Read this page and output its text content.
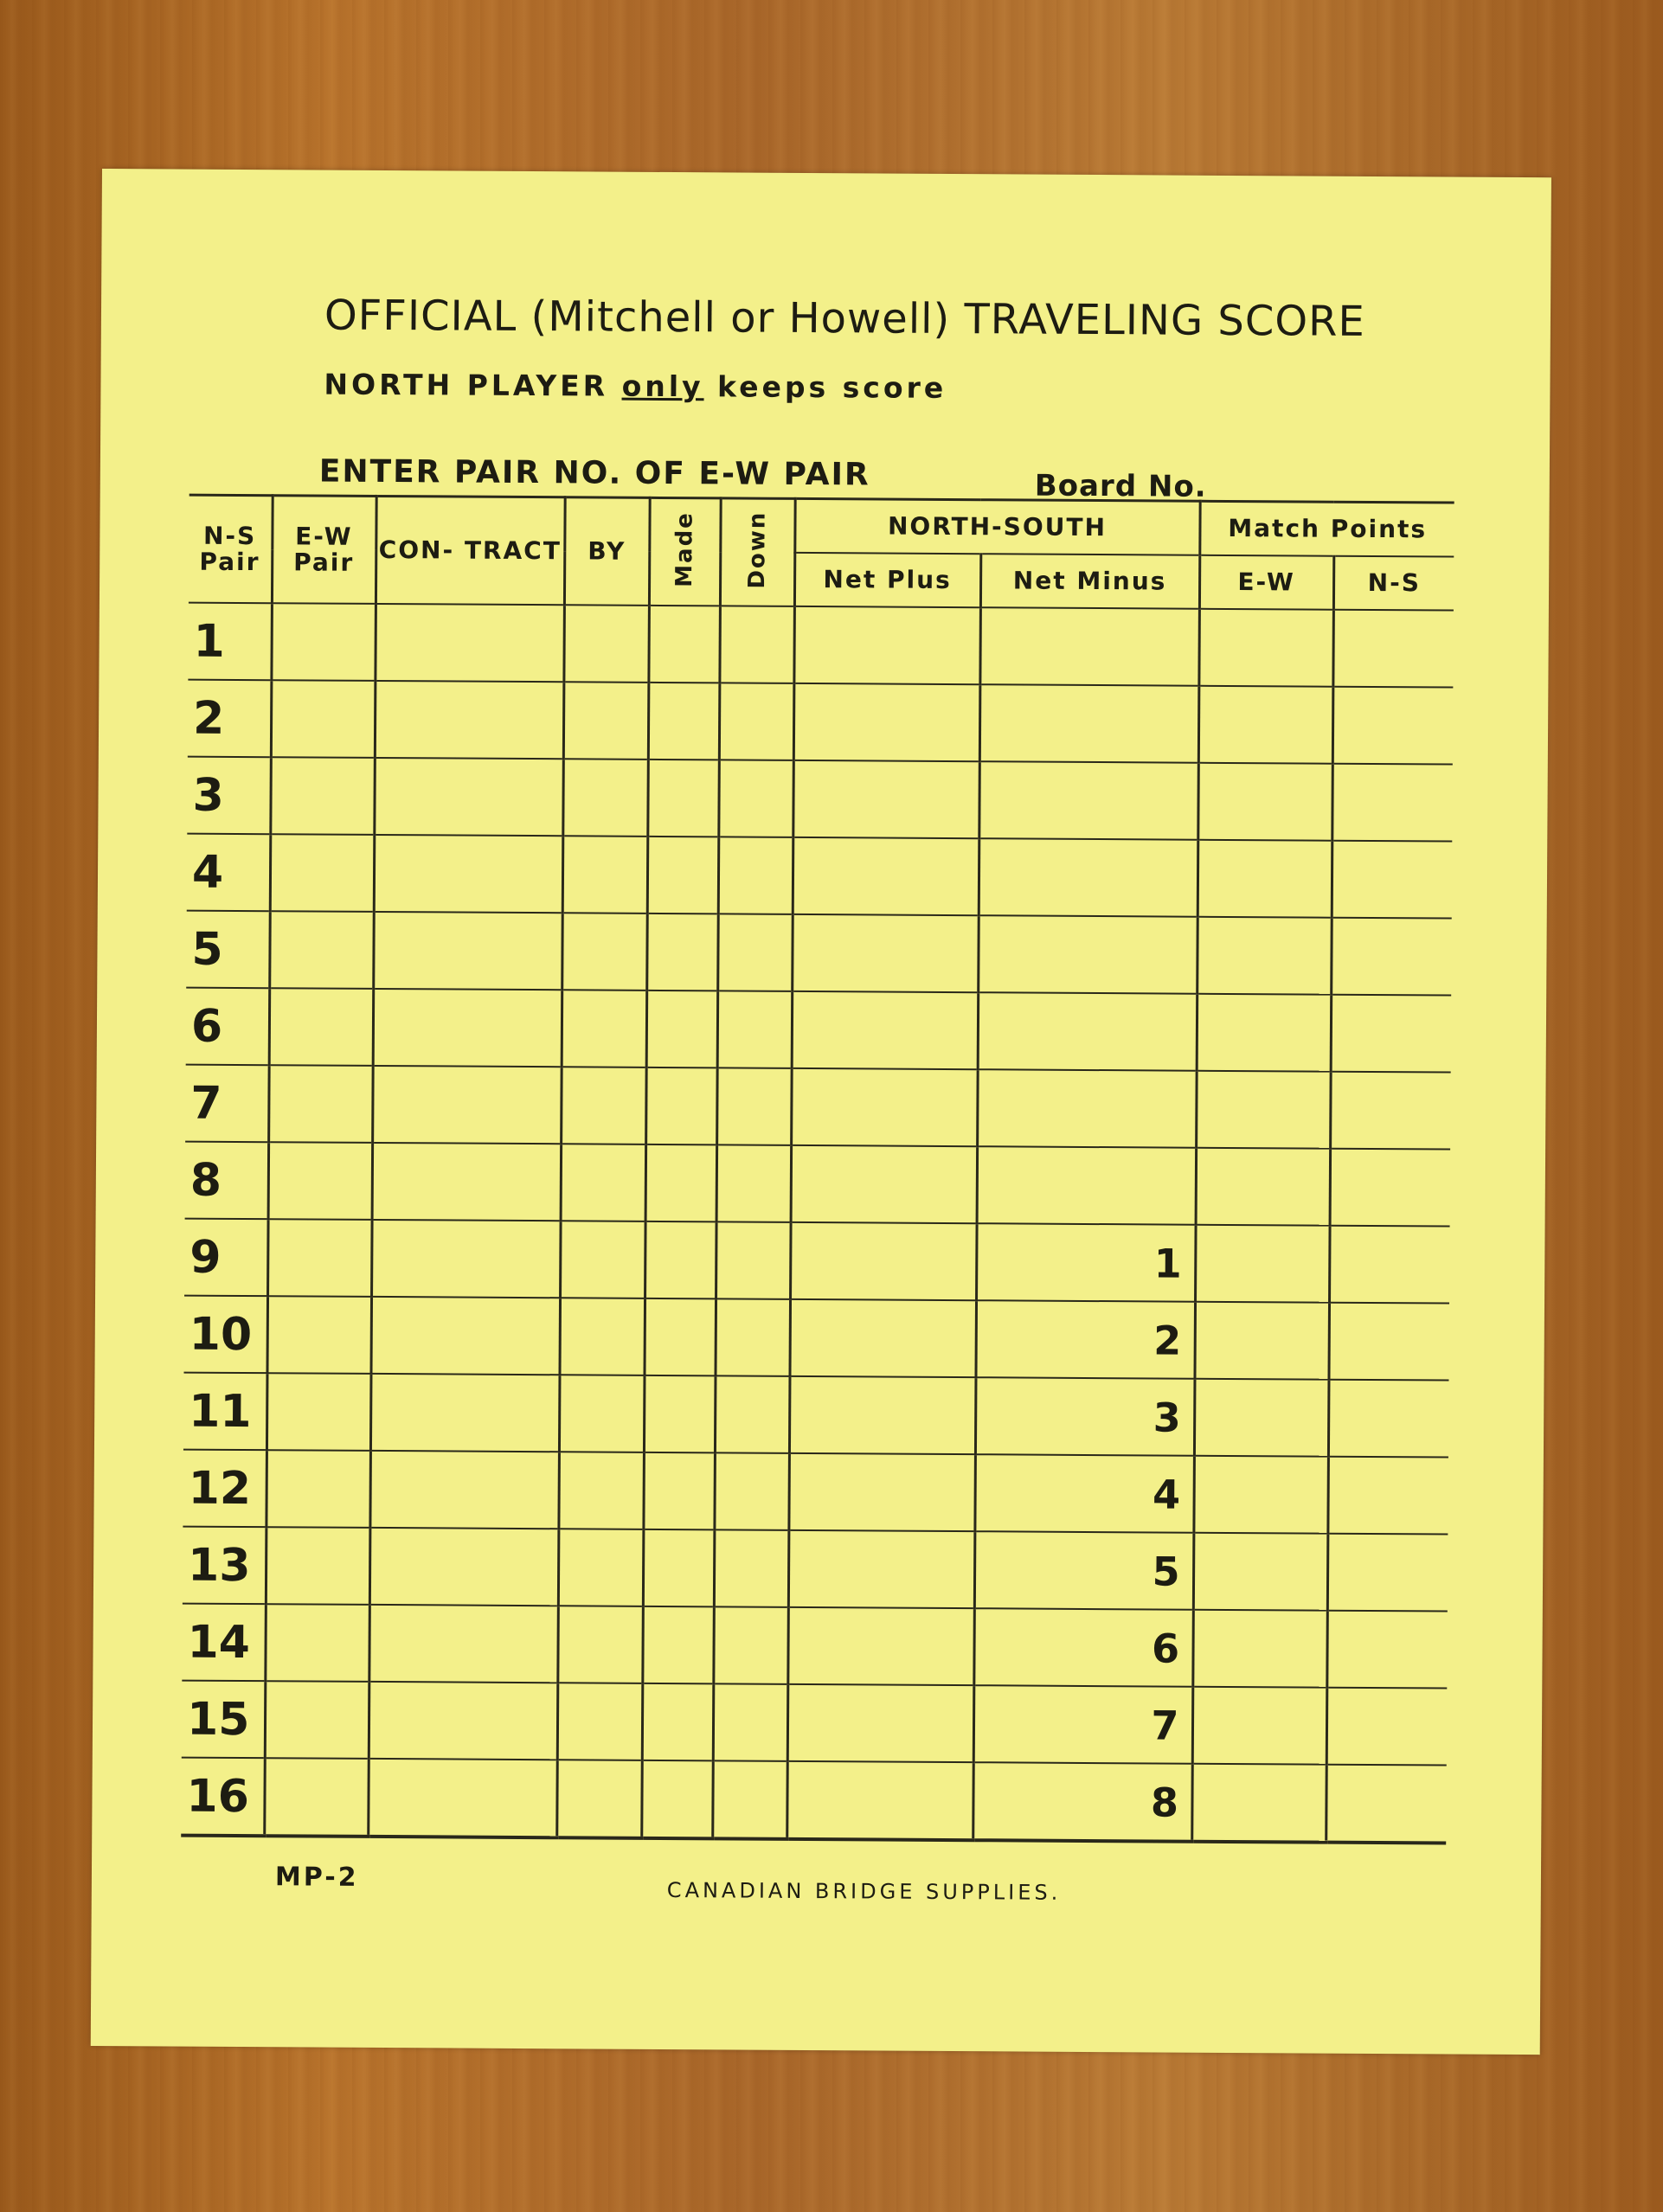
OFFICIAL (Mitchell or Howell) TRAVELING SCORE
NORTH PLAYER only keeps score
ENTER PAIR NO. OF E-W PAIR	Board No.
N-S Pair	E-W Pair	CON- TRACT	BY	Made	Down	NORTH-SOUTH		Match Points	
						Net Plus	Net Minus	E-W	N-S
1									
2									
3									
4									
5									
6									
7									
8									
9							1		
10							2		
11							3		
12							4		
13							5		
14							6		
15							7		
16							8		
MP-2	CANADIAN BRIDGE SUPPLIES.
